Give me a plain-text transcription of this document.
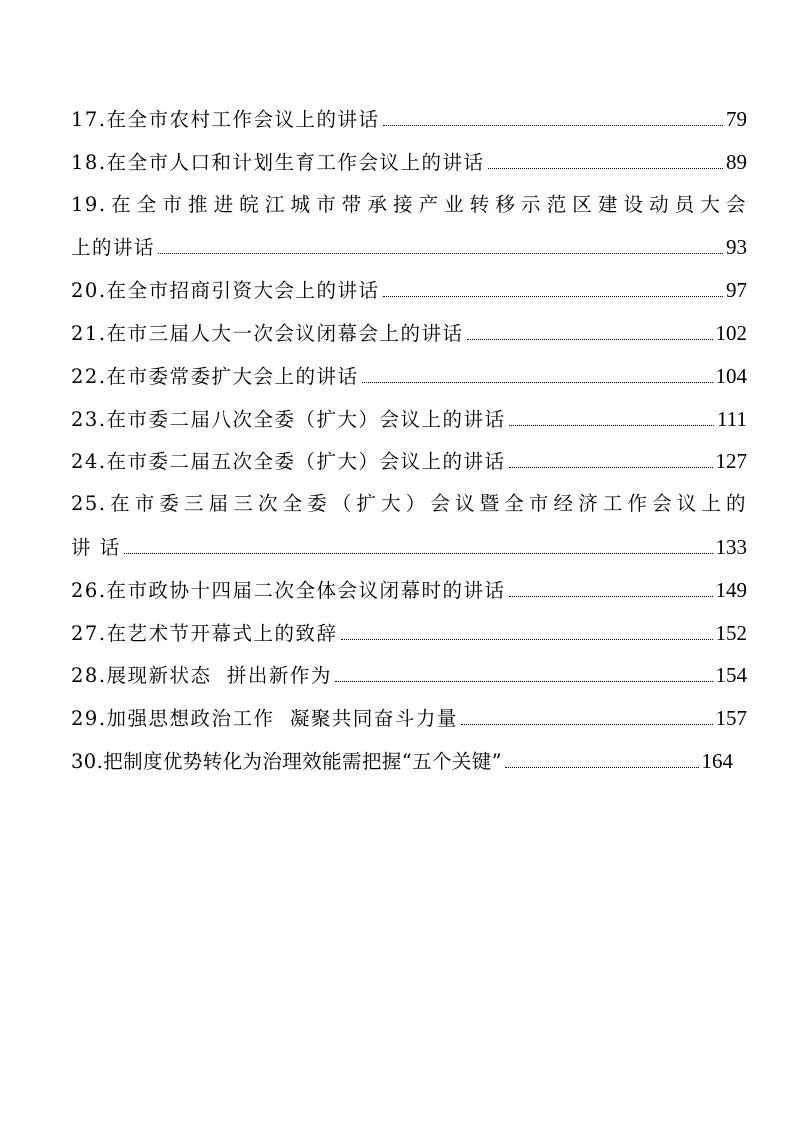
17.在全市农村工作会议上的讲话	79
18.在全市人口和计划生育工作会议上的讲话	89
19.在全市推进皖江城市带承接产业转移示范区建设动员大会
上的讲话	93
20.在全市招商引资大会上的讲话	97
21.在市三届人大一次会议闭幕会上的讲话	102
22.在市委常委扩大会上的讲话	104
23.在市委二届八次全委（扩大）会议上的讲话	111
24.在市委二届五次全委（扩大）会议上的讲话	127
25.在市委三届三次全委（扩大）会议暨全市经济工作会议上的
讲 话	133
26.在市政协十四届二次全体会议闭幕时的讲话	149
27.在艺术节开幕式上的致辞	152
28.展现新状态  拼出新作为	154
29.加强思想政治工作  凝聚共同奋斗力量	157
30.把制度优势转化为治理效能需把握“五个关键”	164
